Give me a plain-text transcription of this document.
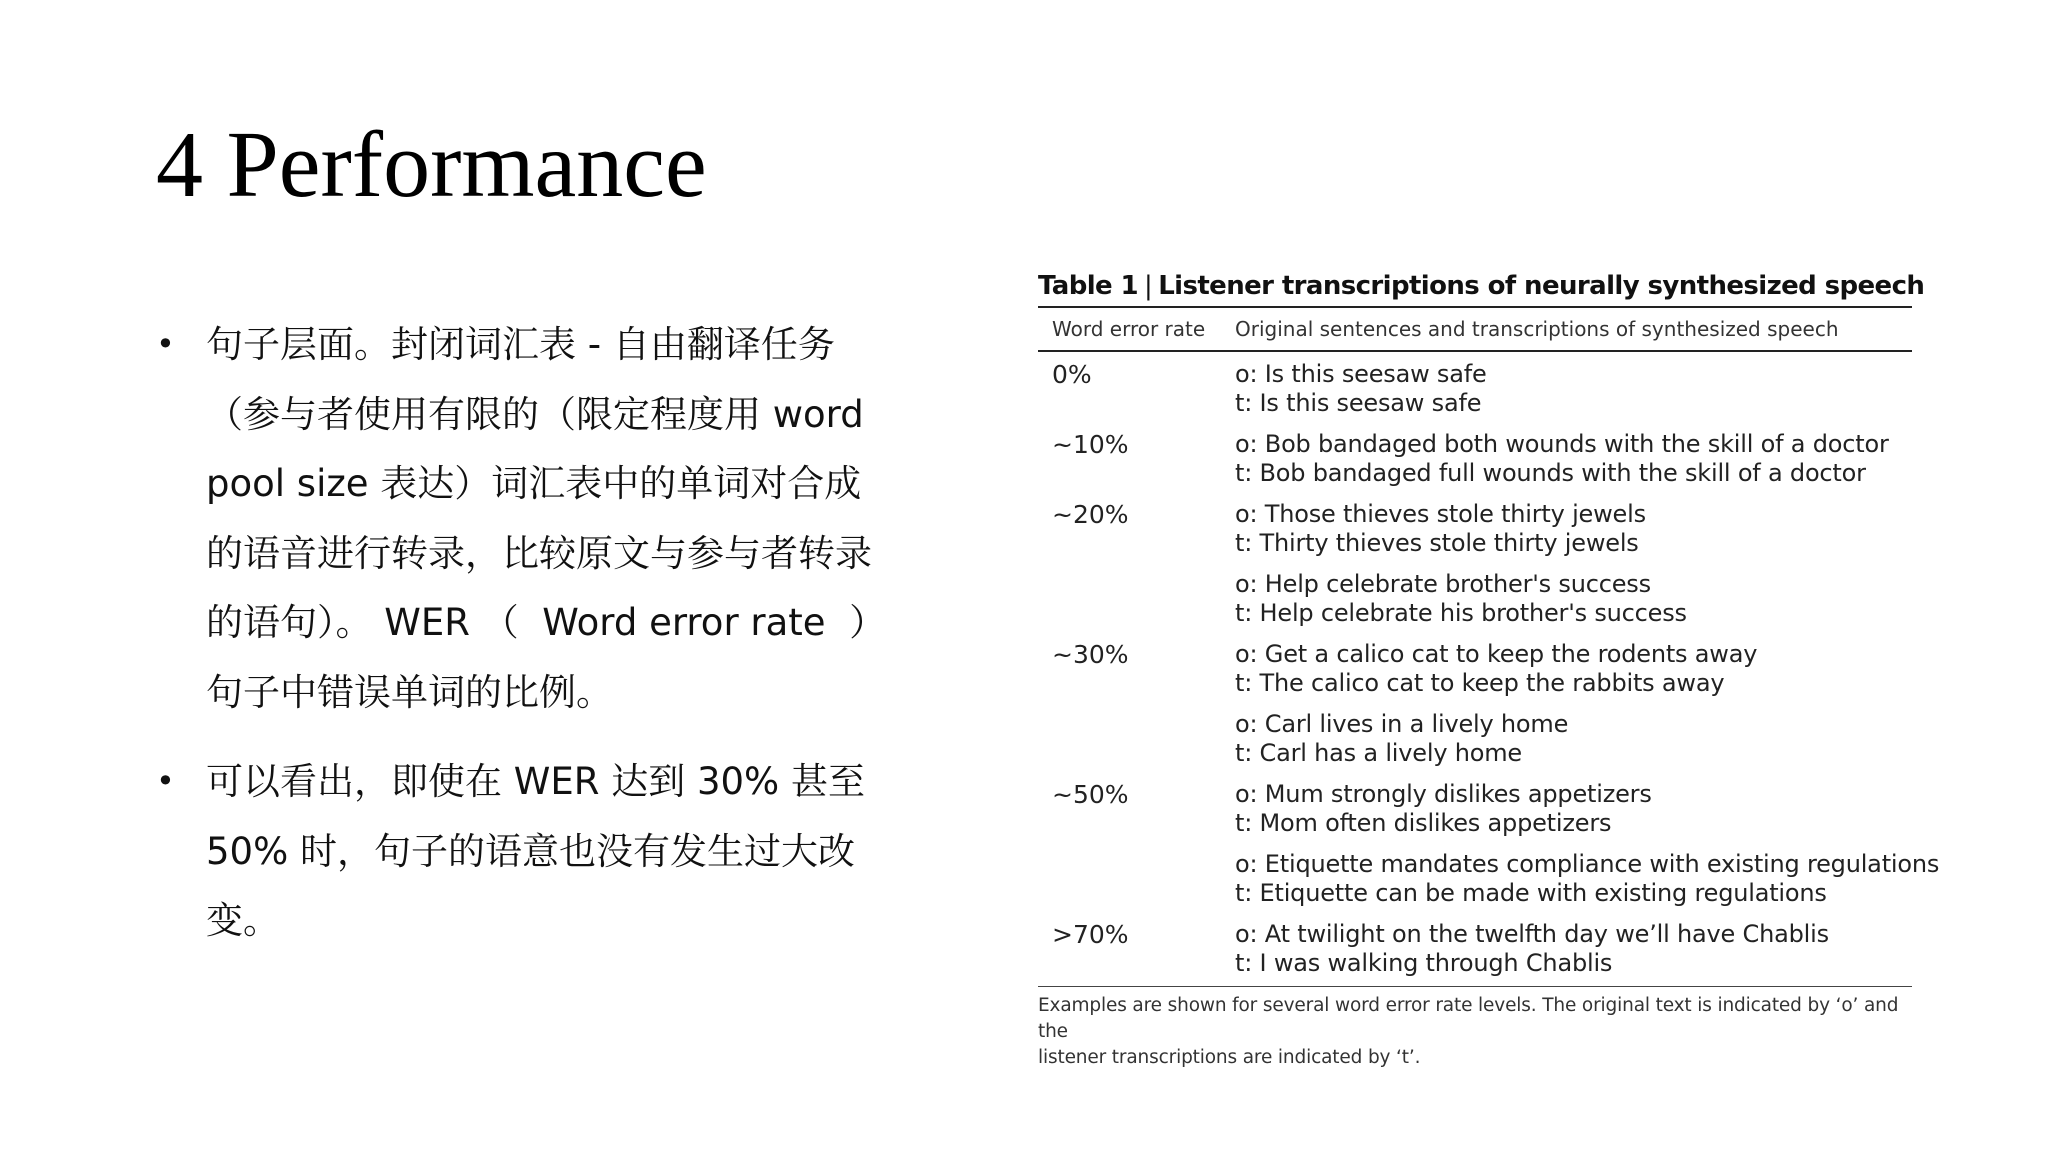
4 Performance
• 句子层面。封闭词汇表 - 自由翻译任务
（参与者使用有限的（限定程度用 word
pool size 表达）词汇表中的单词对合成
的语音进行转录，比较原文与参与者转录
的语句）。 WER （  Word error rate  ）
句子中错误单词的比例。
• 可以看出，即使在 WER 达到 30% 甚至
50% 时，句子的语意也没有发生过大改
变。
Table 1 | Listener transcriptions of neurally synthesized speech
Word error rate	Original sentences and transcriptions of synthesized speech
0%	o: Is this seesaw safe
t: Is this seesaw safe
~10%	o: Bob bandaged both wounds with the skill of a doctor
t: Bob bandaged full wounds with the skill of a doctor
~20%	o: Those thieves stole thirty jewels
t: Thirty thieves stole thirty jewels
o: Help celebrate brother's success
t: Help celebrate his brother's success
~30%	o: Get a calico cat to keep the rodents away
t: The calico cat to keep the rabbits away
o: Carl lives in a lively home
t: Carl has a lively home
~50%	o: Mum strongly dislikes appetizers
t: Mom often dislikes appetizers
o: Etiquette mandates compliance with existing regulations
t: Etiquette can be made with existing regulations
>70%	o: At twilight on the twelfth day we’ll have Chablis
t: I was walking through Chablis
Examples are shown for several word error rate levels. The original text is indicated by ‘o’ and the
listener transcriptions are indicated by ‘t’.
